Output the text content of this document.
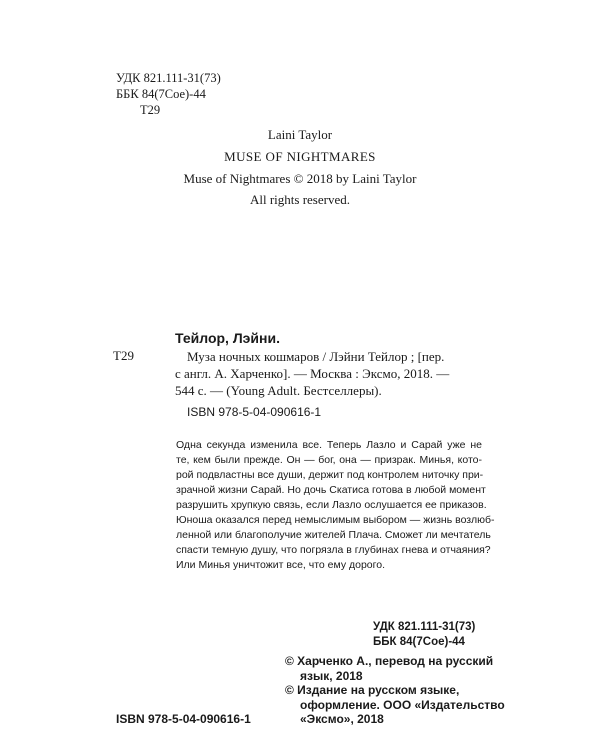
УДК 821.111-31(73)
ББК 84(7Сое)-44
Т29
Laini Taylor
MUSE OF NIGHTMARES
Muse of Nightmares © 2018 by Laini Taylor
All rights reserved.
Тейлор, Лэйни.
Т29	Муза ночных кошмаров / Лэйни Тейлор ; [пер.
с англ. А. Харченко]. — Москва : Эксмо, 2018. —
544 с. — (Young Adult. Бестселлеры).
ISBN 978-5-04-090616-1
Одна секунда изменила все. Теперь Лазло и Сарай уже не
те, кем были прежде. Он — бог, она — призрак. Минья, кото-
рой подвластны все души, держит под контролем ниточку при-
зрачной жизни Сарай. Но дочь Скатиса готова в любой момент
разрушить хрупкую связь, если Лазло ослушается ее приказов.
Юноша оказался перед немыслимым выбором — жизнь возлюб-
ленной или благополучие жителей Плача. Сможет ли мечтатель
спасти темную душу, что погрязла в глубинах гнева и отчаяния?
Или Минья уничтожит все, что ему дорого.
УДК 821.111-31(73)
ББК 84(7Сое)-44
© Харченко А., перевод на русский
язык, 2018
© Издание на русском языке,
оформление. ООО «Издательство
«Эксмо», 2018
ISBN 978-5-04-090616-1
